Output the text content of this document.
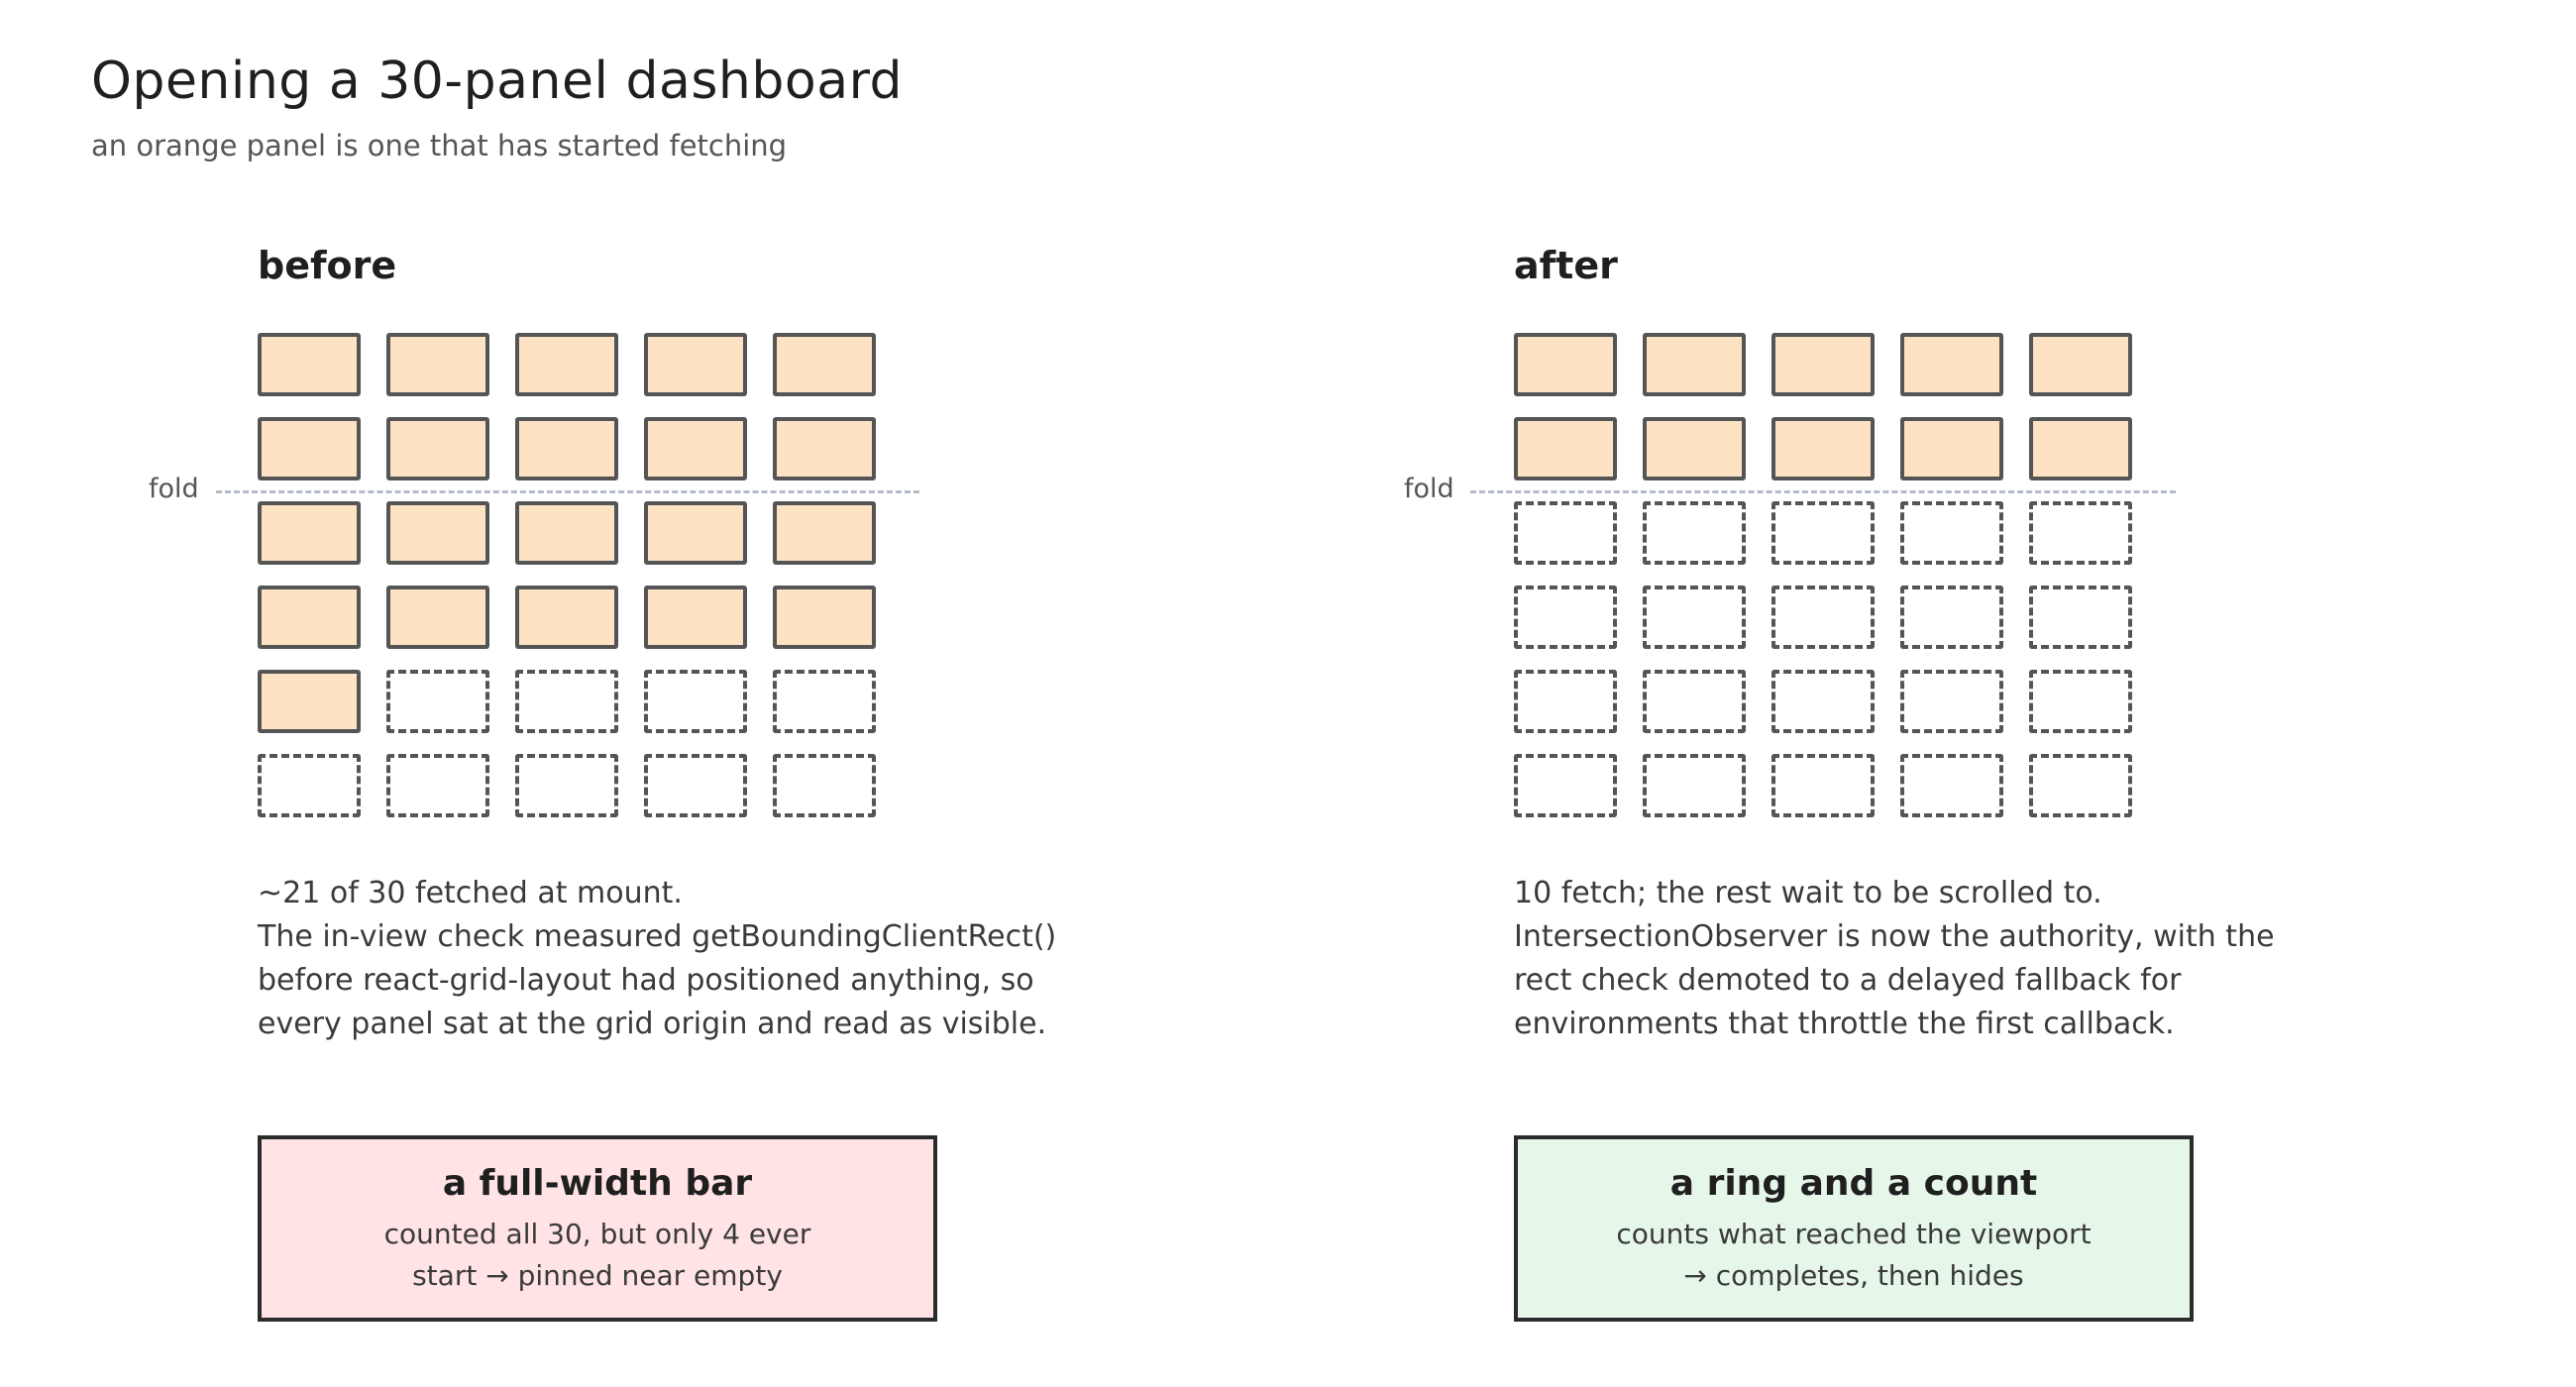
Opening a 30-panel dashboard
an orange panel is one that has started fetching
before	after
fold	fold
~21 of 30 fetched at mount.
The in-view check measured getBoundingClientRect()
before react-grid-layout had positioned anything, so
every panel sat at the grid origin and read as visible.
10 fetch; the rest wait to be scrolled to.
IntersectionObserver is now the authority, with the
rect check demoted to a delayed fallback for
environments that throttle the first callback.
a full-width bar
counted all 30, but only 4 ever
start → pinned near empty
a ring and a count
counts what reached the viewport
→ completes, then hides
